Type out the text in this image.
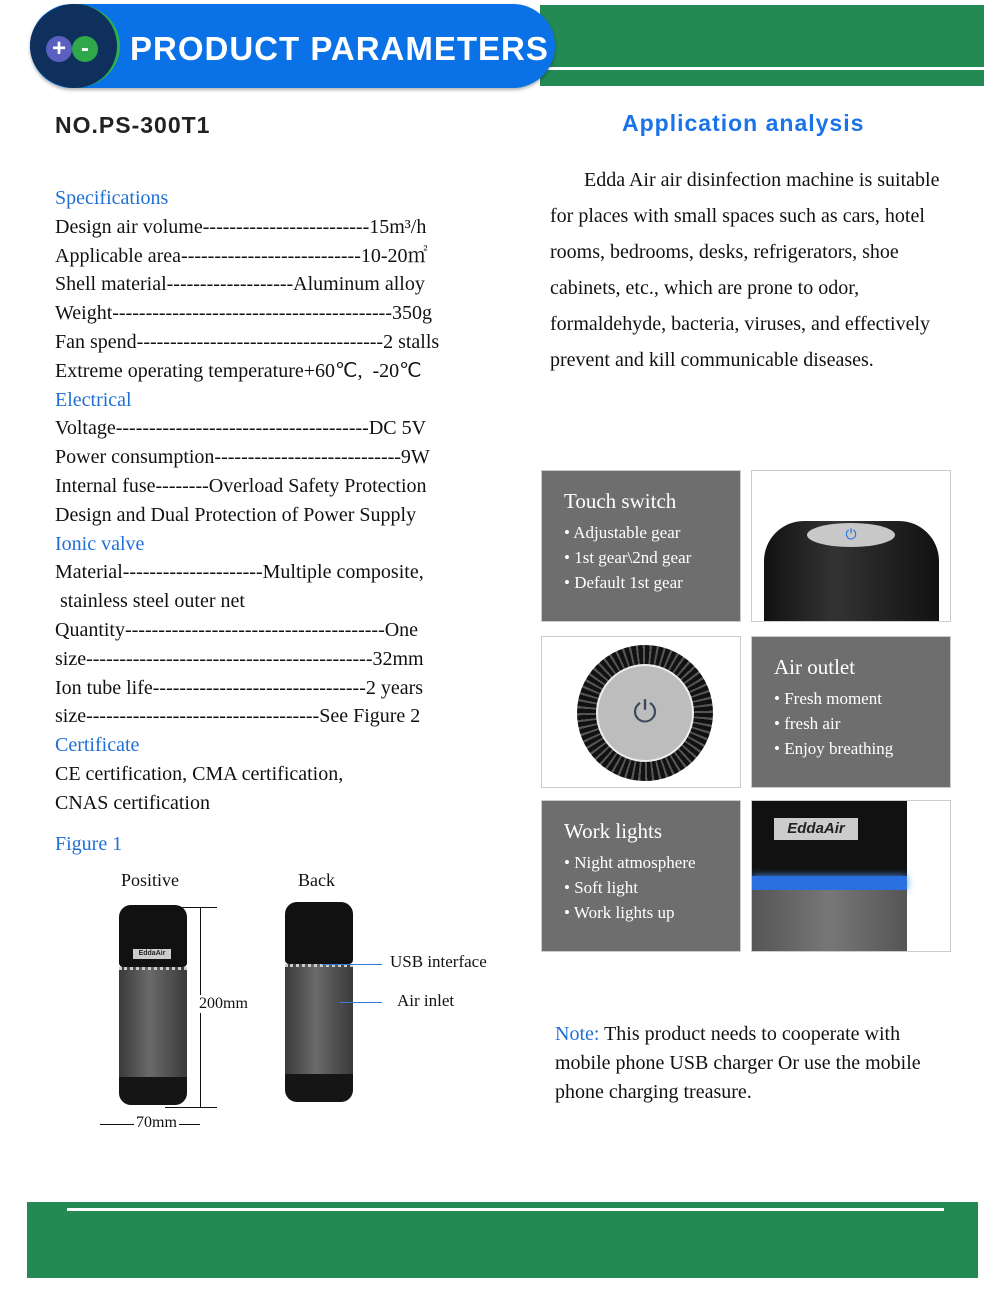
+ - PRODUCT PARAMETERS
NO.PS-300T1	Application analysis
Specifications
Design air volume-------------------------15m³/h
Applicable area---------------------------10-20㎡
Shell material-------------------Aluminum alloy
Weight------------------------------------------350g
Fan spend-------------------------------------2 stalls
Extreme operating temperature+60℃,  -20℃
Electrical
Voltage--------------------------------------DC 5V
Power consumption----------------------------9W
Internal fuse--------Overload Safety Protection
Design and Dual Protection of Power Supply
Ionic valve
Material---------------------Multiple composite,
stainless steel outer net
Quantity---------------------------------------One
size-------------------------------------------32mm
Ion tube life--------------------------------2 years
size-----------------------------------See Figure 2
Certificate
CE certification, CMA certification,
CNAS certification
Edda Air air disinfection machine is suitable for places with small spaces such as cars, hotel rooms, bedrooms, desks, refrigerators, shoe cabinets, etc., which are prone to odor, formaldehyde, bacteria, viruses, and effectively prevent and kill communicable diseases.
Positive	Back
EddaAir
200mm
70mm
USB interface
Air inlet
Touch switch
• Adjustable gear
• 1st gear\2nd gear
• Default 1st gear
⏻
⏻
Air outlet
• Fresh moment
• fresh air
• Enjoy breathing
Work lights
• Night atmosphere
• Soft light
• Work lights up
EddaAir
Figure 1
Note: This product needs to cooperate with mobile phone USB charger Or use the mobile phone charging treasure.
